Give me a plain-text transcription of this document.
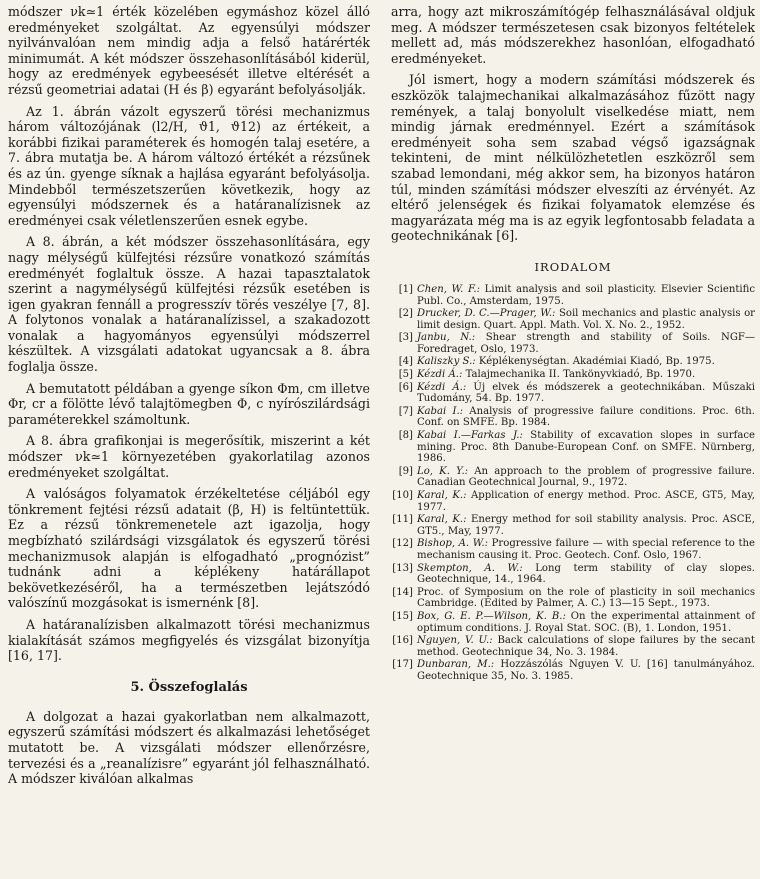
módszer νk≃1 érték közelében egymáshoz közel álló eredményeket szolgáltat. Az egyensúlyi módszer nyilvánvalóan nem mindig adja a felső határérték minimumát. A két módszer összehasonlításából kiderül, hogy az eredmények egybeesését illetve eltérését a rézsű geometriai adatai (H és β) egyaránt befolyásolják.

Az 1. ábrán vázolt egyszerű törési mechanizmus három változójának (l2/H, ϑ1, ϑ12) az értékeit, a korábbi fizikai paraméterek és homogén talaj esetére, a 7. ábra mutatja be. A három változó értékét a rézsűnek és az ún. gyenge síknak a hajlása egyaránt befolyásolja. Mindebből természetszerűen következik, hogy az egyensúlyi módszernek és a határanalízisnek az eredményei csak véletlenszerűen esnek egybe.

A 8. ábrán, a két módszer összehasonlítására, egy nagy mélységű külfejtési rézsűre vonatkozó számítás eredményét foglaltuk össze. A hazai tapasztalatok szerint a nagymélységű külfejtési rézsűk esetében is igen gyakran fennáll a progresszív törés veszélye [7, 8]. A folytonos vonalak a határanalízissel, a szakadozott vonalak a hagyományos egyensúlyi módszerrel készültek. A vizsgálati adatokat ugyancsak a 8. ábra foglalja össze.

A bemutatott példában a gyenge síkon Φm, cm illetve Φr, cr a fölötte lévő talajtömegben Φ, c nyírószilárdsági paraméterekkel számoltunk.

A 8. ábra grafikonjai is megerősítik, miszerint a két módszer νk≃1 környezetében gyakorlatilag azonos eredményeket szolgáltat.

A valóságos folyamatok érzékeltetése céljából egy tönkrement fejtési rézsű adatait (β, H) is feltüntettük. Ez a rézsű tönkremenetele azt igazolja, hogy megbízható szilárdsági vizsgálatok és egyszerű törési mechanizmusok alapján is elfogadható „prognózist” tudnánk adni a képlékeny határállapot bekövetkezéséről, ha a természetben lejátszódó valószínű mozgásokat is ismernénk [8].

A határanalízisben alkalmazott törési mechanizmus kialakítását számos megfigyelés és vizsgálat bizonyítja [16, 17].

5. Összefoglalás

A dolgozat a hazai gyakorlatban nem alkalmazott, egyszerű számítási módszert és alkalmazási lehetőséget mutatott be. A vizsgálati módszer ellenőrzésre, tervezési és a „reanalízisre” egyaránt jól felhasználható. A módszer kiválóan alkalmas

arra, hogy azt mikroszámítógép felhasználásával oldjuk meg. A módszer természetesen csak bizonyos feltételek mellett ad, más módszerekhez hasonlóan, elfogadható eredményeket.

Jól ismert, hogy a modern számítási módszerek és eszközök talajmechanikai alkalmazásához fűzött nagy remények, a talaj bonyolult viselkedése miatt, nem mindig járnak eredménnyel. Ezért a számítások eredményeit soha sem szabad végső igazságnak tekinteni, de mint nélkülözhetetlen eszközről sem szabad lemondani, még akkor sem, ha bizonyos határon túl, minden számítási módszer elveszíti az érvényét. Az eltérő jelenségek és fizikai folyamatok elemzése és magyarázata még ma is az egyik legfontosabb feladata a geotechnikának [6].

IRODALOM
[1] Chen, W. F.: Limit analysis and soil plasticity. Elsevier Scientific Publ. Co., Amsterdam, 1975.
[2] Drucker, D. C.—Prager, W.: Soil mechanics and plastic analysis or limit design. Quart. Appl. Math. Vol. X. No. 2., 1952.
[3] Janbu, N.: Shear strength and stability of Soils. NGF—Foredraget, Oslo, 1973.
[4] Kaliszky S.: Képlékenységtan. Akadémiai Kiadó, Bp. 1975.
[5] Kézdi Á.: Talajmechanika II. Tankönyvkiadó, Bp. 1970.
[6] Kézdi Á.: Új elvek és módszerek a geotechnikában. Műszaki Tudomány, 54. Bp. 1977.
[7] Kabai I.: Analysis of progressive failure conditions. Proc. 6th. Conf. on SMFE. Bp. 1984.
[8] Kabai I.—Farkas J.: Stability of excavation slopes in surface mining. Proc. 8th Danube-European Conf. on SMFE. Nürnberg, 1986.
[9] Lo, K. Y.: An approach to the problem of progressive failure. Canadian Geotechnical Journal, 9., 1972.
[10] Karal, K.: Application of energy method. Proc. ASCE, GT5, May, 1977.
[11] Karal, K.: Energy method for soil stability analysis. Proc. ASCE, GT5., May, 1977.
[12] Bishop, A. W.: Progressive failure — with special reference to the mechanism causing it. Proc. Geotech. Conf. Oslo, 1967.
[13] Skempton, A. W.: Long term stability of clay slopes. Geotechnique, 14., 1964.
[14] Proc. of Symposium on the role of plasticity in soil mechanics Cambridge. (Edited by Palmer, A. C.) 13—15 Sept., 1973.
[15] Box, G. E. P.—Wilson, K. B.: On the experimental attainment of optimum conditions. J. Royal Stat. SOC. (B), 1. London, 1951.
[16] Nguyen, V. U.: Back calculations of slope failures by the secant method. Geotechnique 34, No. 3. 1984.
[17] Dunbaran, M.: Hozzászólás Nguyen V. U. [16] tanulmányához. Geotechnique 35, No. 3. 1985.
